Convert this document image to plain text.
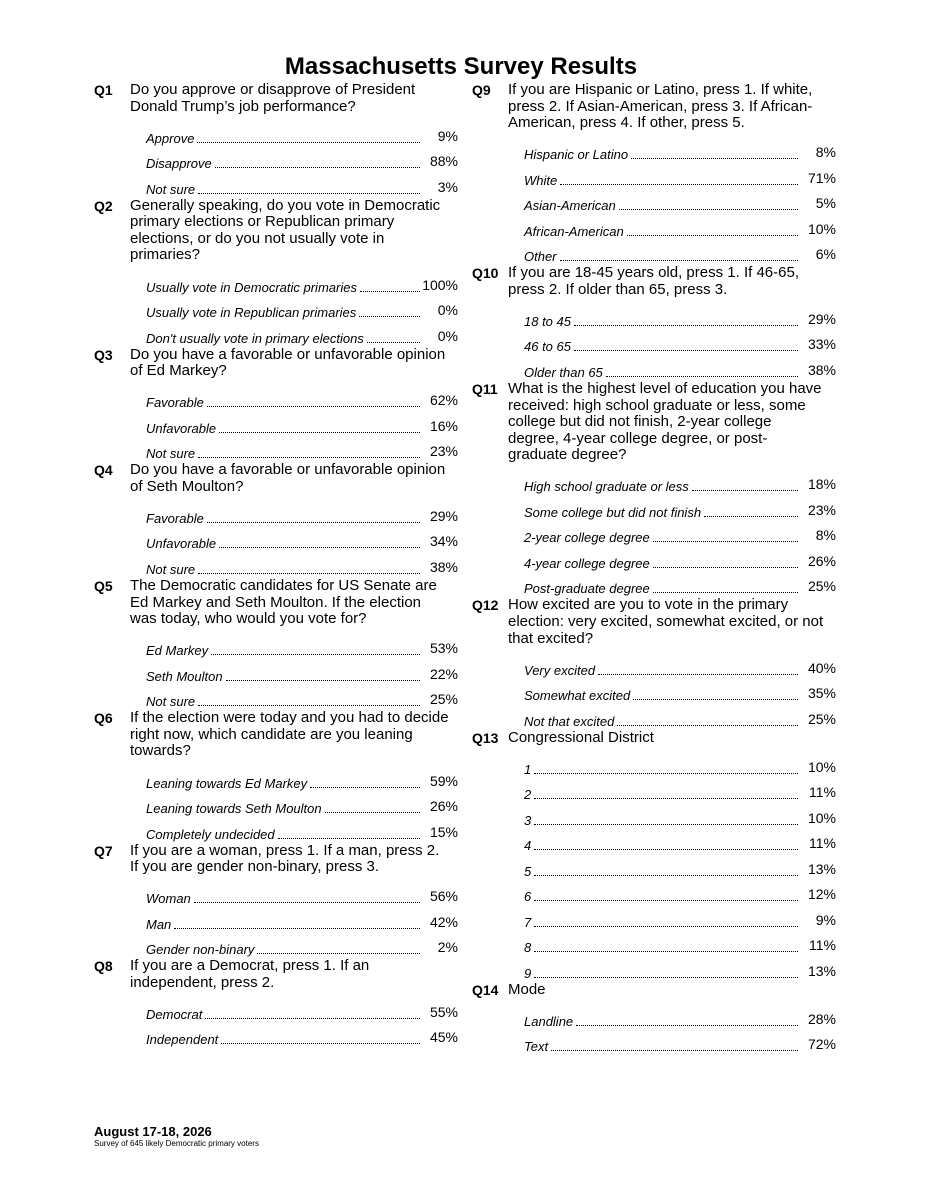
Massachusetts Survey Results
Q1 Do you approve or disapprove of President
Donald Trump’s job performance?
Approve	9%
Disapprove	88%
Not sure	3%
Q2 Generally speaking, do you vote in Democratic
primary elections or Republican primary
elections, or do you not usually vote in
primaries?
Usually vote in Democratic primaries	100%
Usually vote in Republican primaries	0%
Don't usually vote in primary elections	0%
Q3 Do you have a favorable or unfavorable opinion
of Ed Markey?
Favorable	62%
Unfavorable	16%
Not sure	23%
Q4 Do you have a favorable or unfavorable opinion
of Seth Moulton?
Favorable	29%
Unfavorable	34%
Not sure	38%
Q5 The Democratic candidates for US Senate are
Ed Markey and Seth Moulton. If the election
was today, who would you vote for?
Ed Markey	53%
Seth Moulton	22%
Not sure	25%
Q6 If the election were today and you had to decide
right now, which candidate are you leaning
towards?
Leaning towards Ed Markey	59%
Leaning towards Seth Moulton	26%
Completely undecided	15%
Q7 If you are a woman, press 1. If a man, press 2.
If you are gender non-binary, press 3.
Woman	56%
Man	42%
Gender non-binary	2%
Q8 If you are a Democrat, press 1. If an
independent, press 2.
Democrat	55%
Independent	45%
Q9 If you are Hispanic or Latino, press 1. If white,
press 2. If Asian-American, press 3. If African-
American, press 4. If other, press 5.
Hispanic or Latino	8%
White	71%
Asian-American	5%
African-American	10%
Other	6%
Q10 If you are 18-45 years old, press 1. If 46-65,
press 2. If older than 65, press 3.
18 to 45	29%
46 to 65	33%
Older than 65	38%
Q11 What is the highest level of education you have
received: high school graduate or less, some
college but did not finish, 2-year college
degree, 4-year college degree, or post-
graduate degree?
High school graduate or less	18%
Some college but did not finish	23%
2-year college degree	8%
4-year college degree	26%
Post-graduate degree	25%
Q12 How excited are you to vote in the primary
election: very excited, somewhat excited, or not
that excited?
Very excited	40%
Somewhat excited	35%
Not that excited	25%
Q13 Congressional District
1	10%
2	11%
3	10%
4	11%
5	13%
6	12%
7	9%
8	11%
9	13%
Q14 Mode
Landline	28%
Text	72%
August 17-18, 2026
Survey of 645 likely Democratic primary voters
